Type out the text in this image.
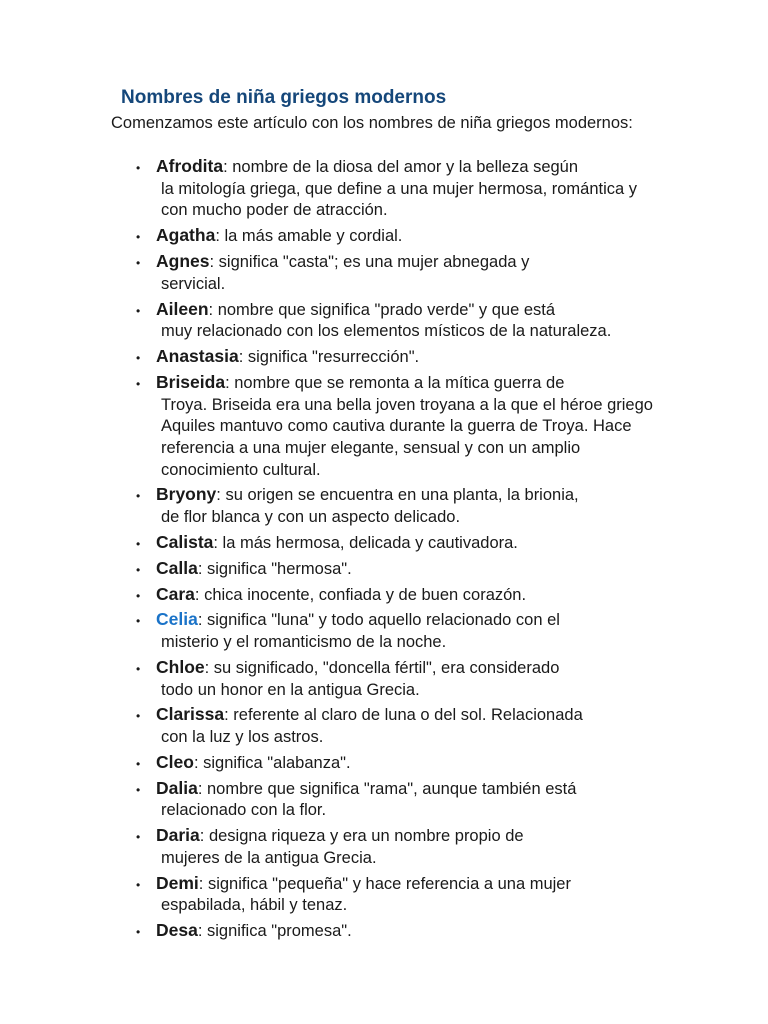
Nombres de niña griegos modernos

Comenzamos este artículo con los nombres de niña griegos modernos:

• Afrodita: nombre de la diosa del amor y la belleza según
la mitología griega, que define a una mujer hermosa, romántica y con mucho poder de atracción.
• Agatha: la más amable y cordial.
• Agnes: significa "casta"; es una mujer abnegada y
servicial.
• Aileen: nombre que significa "prado verde" y que está
muy relacionado con los elementos místicos de la naturaleza.
• Anastasia: significa "resurrección".
• Briseida: nombre que se remonta a la mítica guerra de
Troya. Briseida era una bella joven troyana a la que el héroe griego Aquiles mantuvo como cautiva durante la guerra de Troya. Hace referencia a una mujer elegante, sensual y con un amplio conocimiento cultural.
• Bryony: su origen se encuentra en una planta, la brionia,
de flor blanca y con un aspecto delicado.
• Calista: la más hermosa, delicada y cautivadora.
• Calla: significa "hermosa".
• Cara: chica inocente, confiada y de buen corazón.
• Celia: significa "luna" y todo aquello relacionado con el
misterio y el romanticismo de la noche.
• Chloe: su significado, "doncella fértil", era considerado
todo un honor en la antigua Grecia.
• Clarissa: referente al claro de luna o del sol. Relacionada
con la luz y los astros.
• Cleo: significa "alabanza".
• Dalia: nombre que significa "rama", aunque también está
relacionado con la flor.
• Daria: designa riqueza y era un nombre propio de
mujeres de la antigua Grecia.
• Demi: significa "pequeña" y hace referencia a una mujer
espabilada, hábil y tenaz.
• Desa: significa "promesa".
